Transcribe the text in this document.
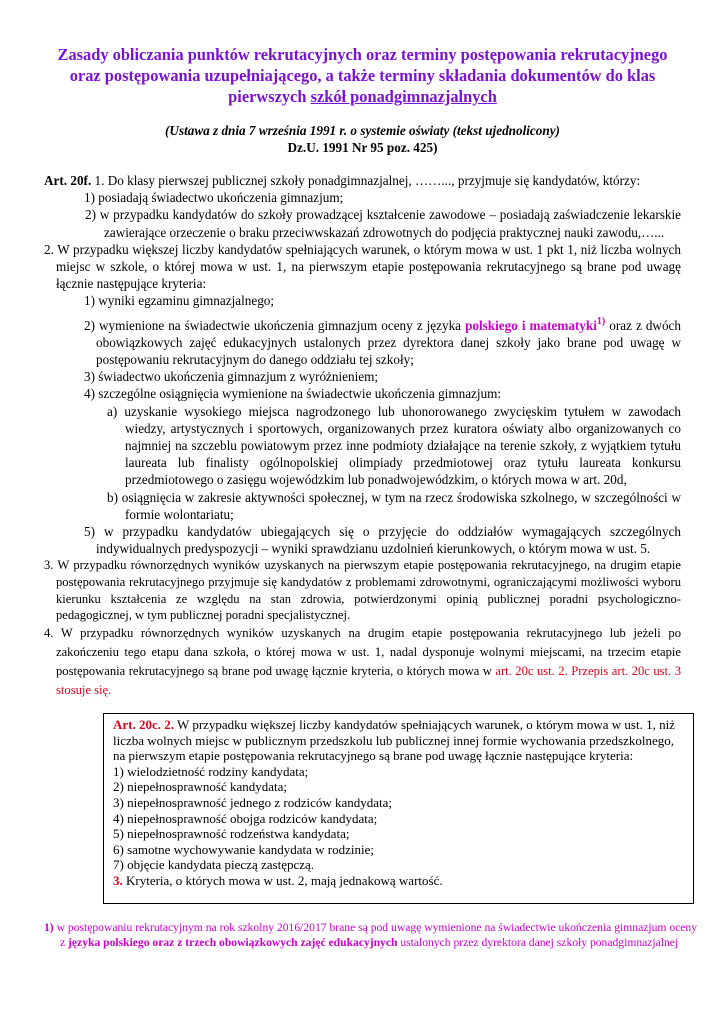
Zasady obliczania punktów rekrutacyjnych oraz terminy postępowania rekrutacyjnego
oraz postępowania uzupełniającego, a także terminy składania dokumentów do klas
pierwszych szkół ponadgimnazjalnych
(Ustawa z dnia 7 września 1991 r. o systemie oświaty (tekst ujednolicony)
Dz.U. 1991 Nr 95 poz. 425)
Art. 20f. 1. Do klasy pierwszej publicznej szkoły ponadgimnazjalnej, ……..., przyjmuje się kandydatów, którzy:
1) posiadają świadectwo ukończenia gimnazjum;
2) w przypadku kandydatów do szkoły prowadzącej kształcenie zawodowe – posiadają zaświadczenie lekarskie zawierające orzeczenie o braku przeciwwskazań zdrowotnych do podjęcia praktycznej nauki zawodu,…...
2. W przypadku większej liczby kandydatów spełniających warunek, o którym mowa w ust. 1 pkt 1, niż liczba wolnych miejsc w szkole, o której mowa w ust. 1, na pierwszym etapie postępowania rekrutacyjnego są brane pod uwagę łącznie następujące kryteria:
1) wyniki egzaminu gimnazjalnego;
2) wymienione na świadectwie ukończenia gimnazjum oceny z języka polskiego i matematyki$^{1)}$ oraz z dwóch obowiązkowych zajęć edukacyjnych ustalonych przez dyrektora danej szkoły jako brane pod uwagę w postępowaniu rekrutacyjnym do danego oddziału tej szkoły;
3) świadectwo ukończenia gimnazjum z wyróżnieniem;
4) szczególne osiągnięcia wymienione na świadectwie ukończenia gimnazjum:
a) uzyskanie wysokiego miejsca nagrodzonego lub uhonorowanego zwycięskim tytułem w zawodach wiedzy, artystycznych i sportowych, organizowanych przez kuratora oświaty albo organizowanych co najmniej na szczeblu powiatowym przez inne podmioty działające na terenie szkoły, z wyjątkiem tytułu laureata lub finalisty ogólnopolskiej olimpiady przedmiotowej oraz tytułu laureata konkursu przedmiotowego o zasięgu wojewódzkim lub ponadwojewódzkim, o których mowa w art. 20d,
b) osiągnięcia w zakresie aktywności społecznej, w tym na rzecz środowiska szkolnego, w szczególności w formie wolontariatu;
5) w przypadku kandydatów ubiegających się o przyjęcie do oddziałów wymagających szczególnych indywidualnych predyspozycji – wyniki sprawdzianu uzdolnień kierunkowych, o którym mowa w ust. 5.
3. W przypadku równorzędnych wyników uzyskanych na pierwszym etapie postępowania rekrutacyjnego, na drugim etapie postępowania rekrutacyjnego przyjmuje się kandydatów z problemami zdrowotnymi, ograniczającymi możliwości wyboru kierunku kształcenia ze względu na stan zdrowia, potwierdzonymi opinią publicznej poradni psychologiczno-pedagogicznej, w tym publicznej poradni specjalistycznej.
4. W przypadku równorzędnych wyników uzyskanych na drugim etapie postępowania rekrutacyjnego lub jeżeli po zakończeniu tego etapu dana szkoła, o której mowa w ust. 1, nadal dysponuje wolnymi miejscami, na trzecim etapie postępowania rekrutacyjnego są brane pod uwagę łącznie kryteria, o których mowa w art. 20c ust. 2. Przepis art. 20c ust. 3 stosuje się.
Art. 20c. 2. W przypadku większej liczby kandydatów spełniających warunek, o którym mowa w ust. 1, niż liczba wolnych miejsc w publicznym przedszkolu lub publicznej innej formie wychowania przedszkolnego, na pierwszym etapie postępowania rekrutacyjnego są brane pod uwagę łącznie następujące kryteria:
1) wielodzietność rodziny kandydata;
2) niepełnosprawność kandydata;
3) niepełnosprawność jednego z rodziców kandydata;
4) niepełnosprawność obojga rodziców kandydata;
5) niepełnosprawność rodzeństwa kandydata;
6) samotne wychowywanie kandydata w rodzinie;
7) objęcie kandydata pieczą zastępczą.
3. Kryteria, o których mowa w ust. 2, mają jednakową wartość.
1) w postępowaniu rekrutacyjnym na rok szkolny 2016/2017 brane są pod uwagę wymienione na świadectwie ukończenia gimnazjum oceny z języka polskiego oraz z trzech obowiązkowych zajęć edukacyjnych ustalonych przez dyrektora danej szkoły ponadgimnazjalnej
